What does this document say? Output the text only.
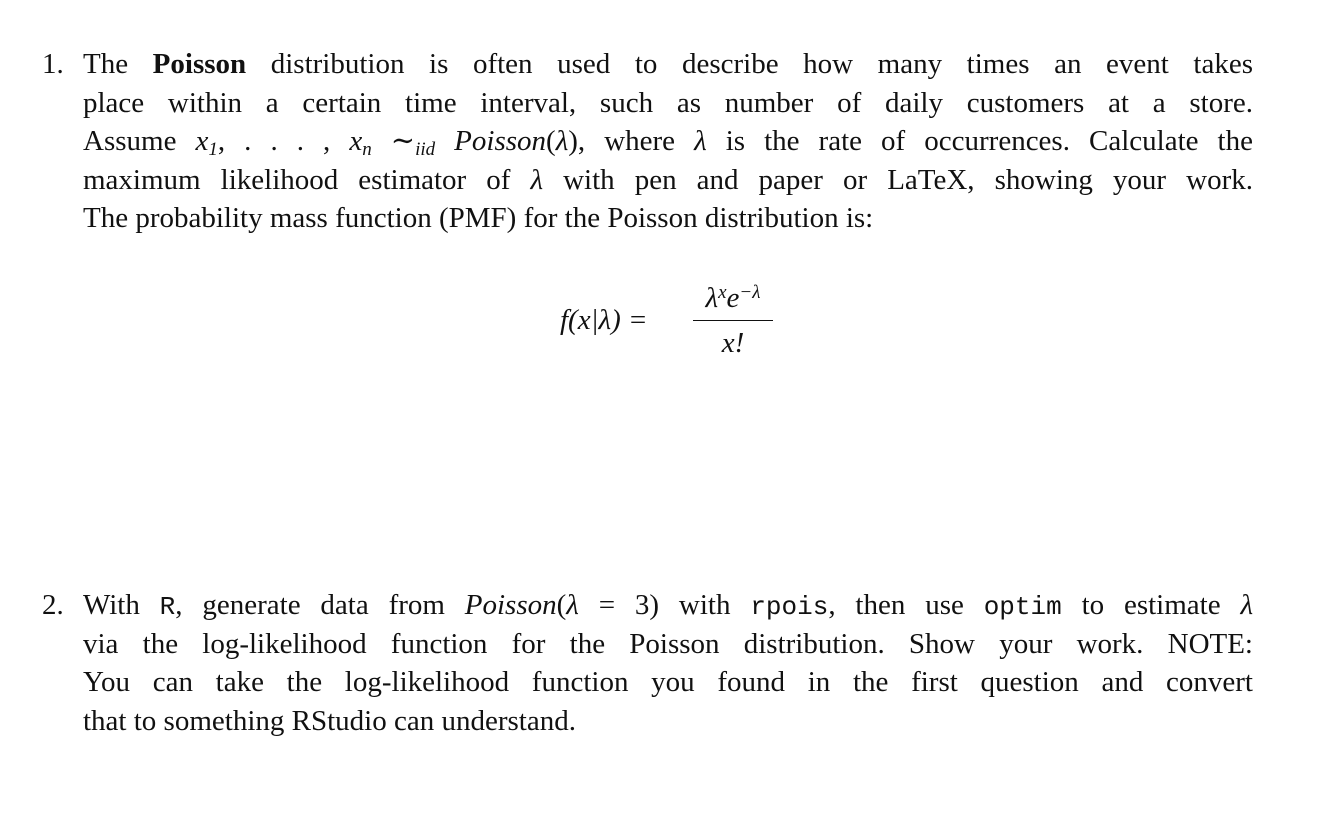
1. The Poisson distribution is often used to describe how many times an event takes
place within a certain time interval, such as number of daily customers at a store.
Assume $x_1$, . . . , $x_n$ $\sim_{iid}$ Poisson(λ), where λ is the rate of occurrences. Calculate the
maximum likelihood estimator of λ with pen and paper or LaTeX, showing your work.
The probability mass function (PMF) for the Poisson distribution is:
f(x|λ) =
$\lambda^xe^{-\lambda}$
x!
2. With R, generate data from Poisson(λ = 3) with rpois, then use optim to estimate λ
via the log-likelihood function for the Poisson distribution. Show your work. NOTE:
You can take the log-likelihood function you found in the first question and convert
that to something RStudio can understand.
